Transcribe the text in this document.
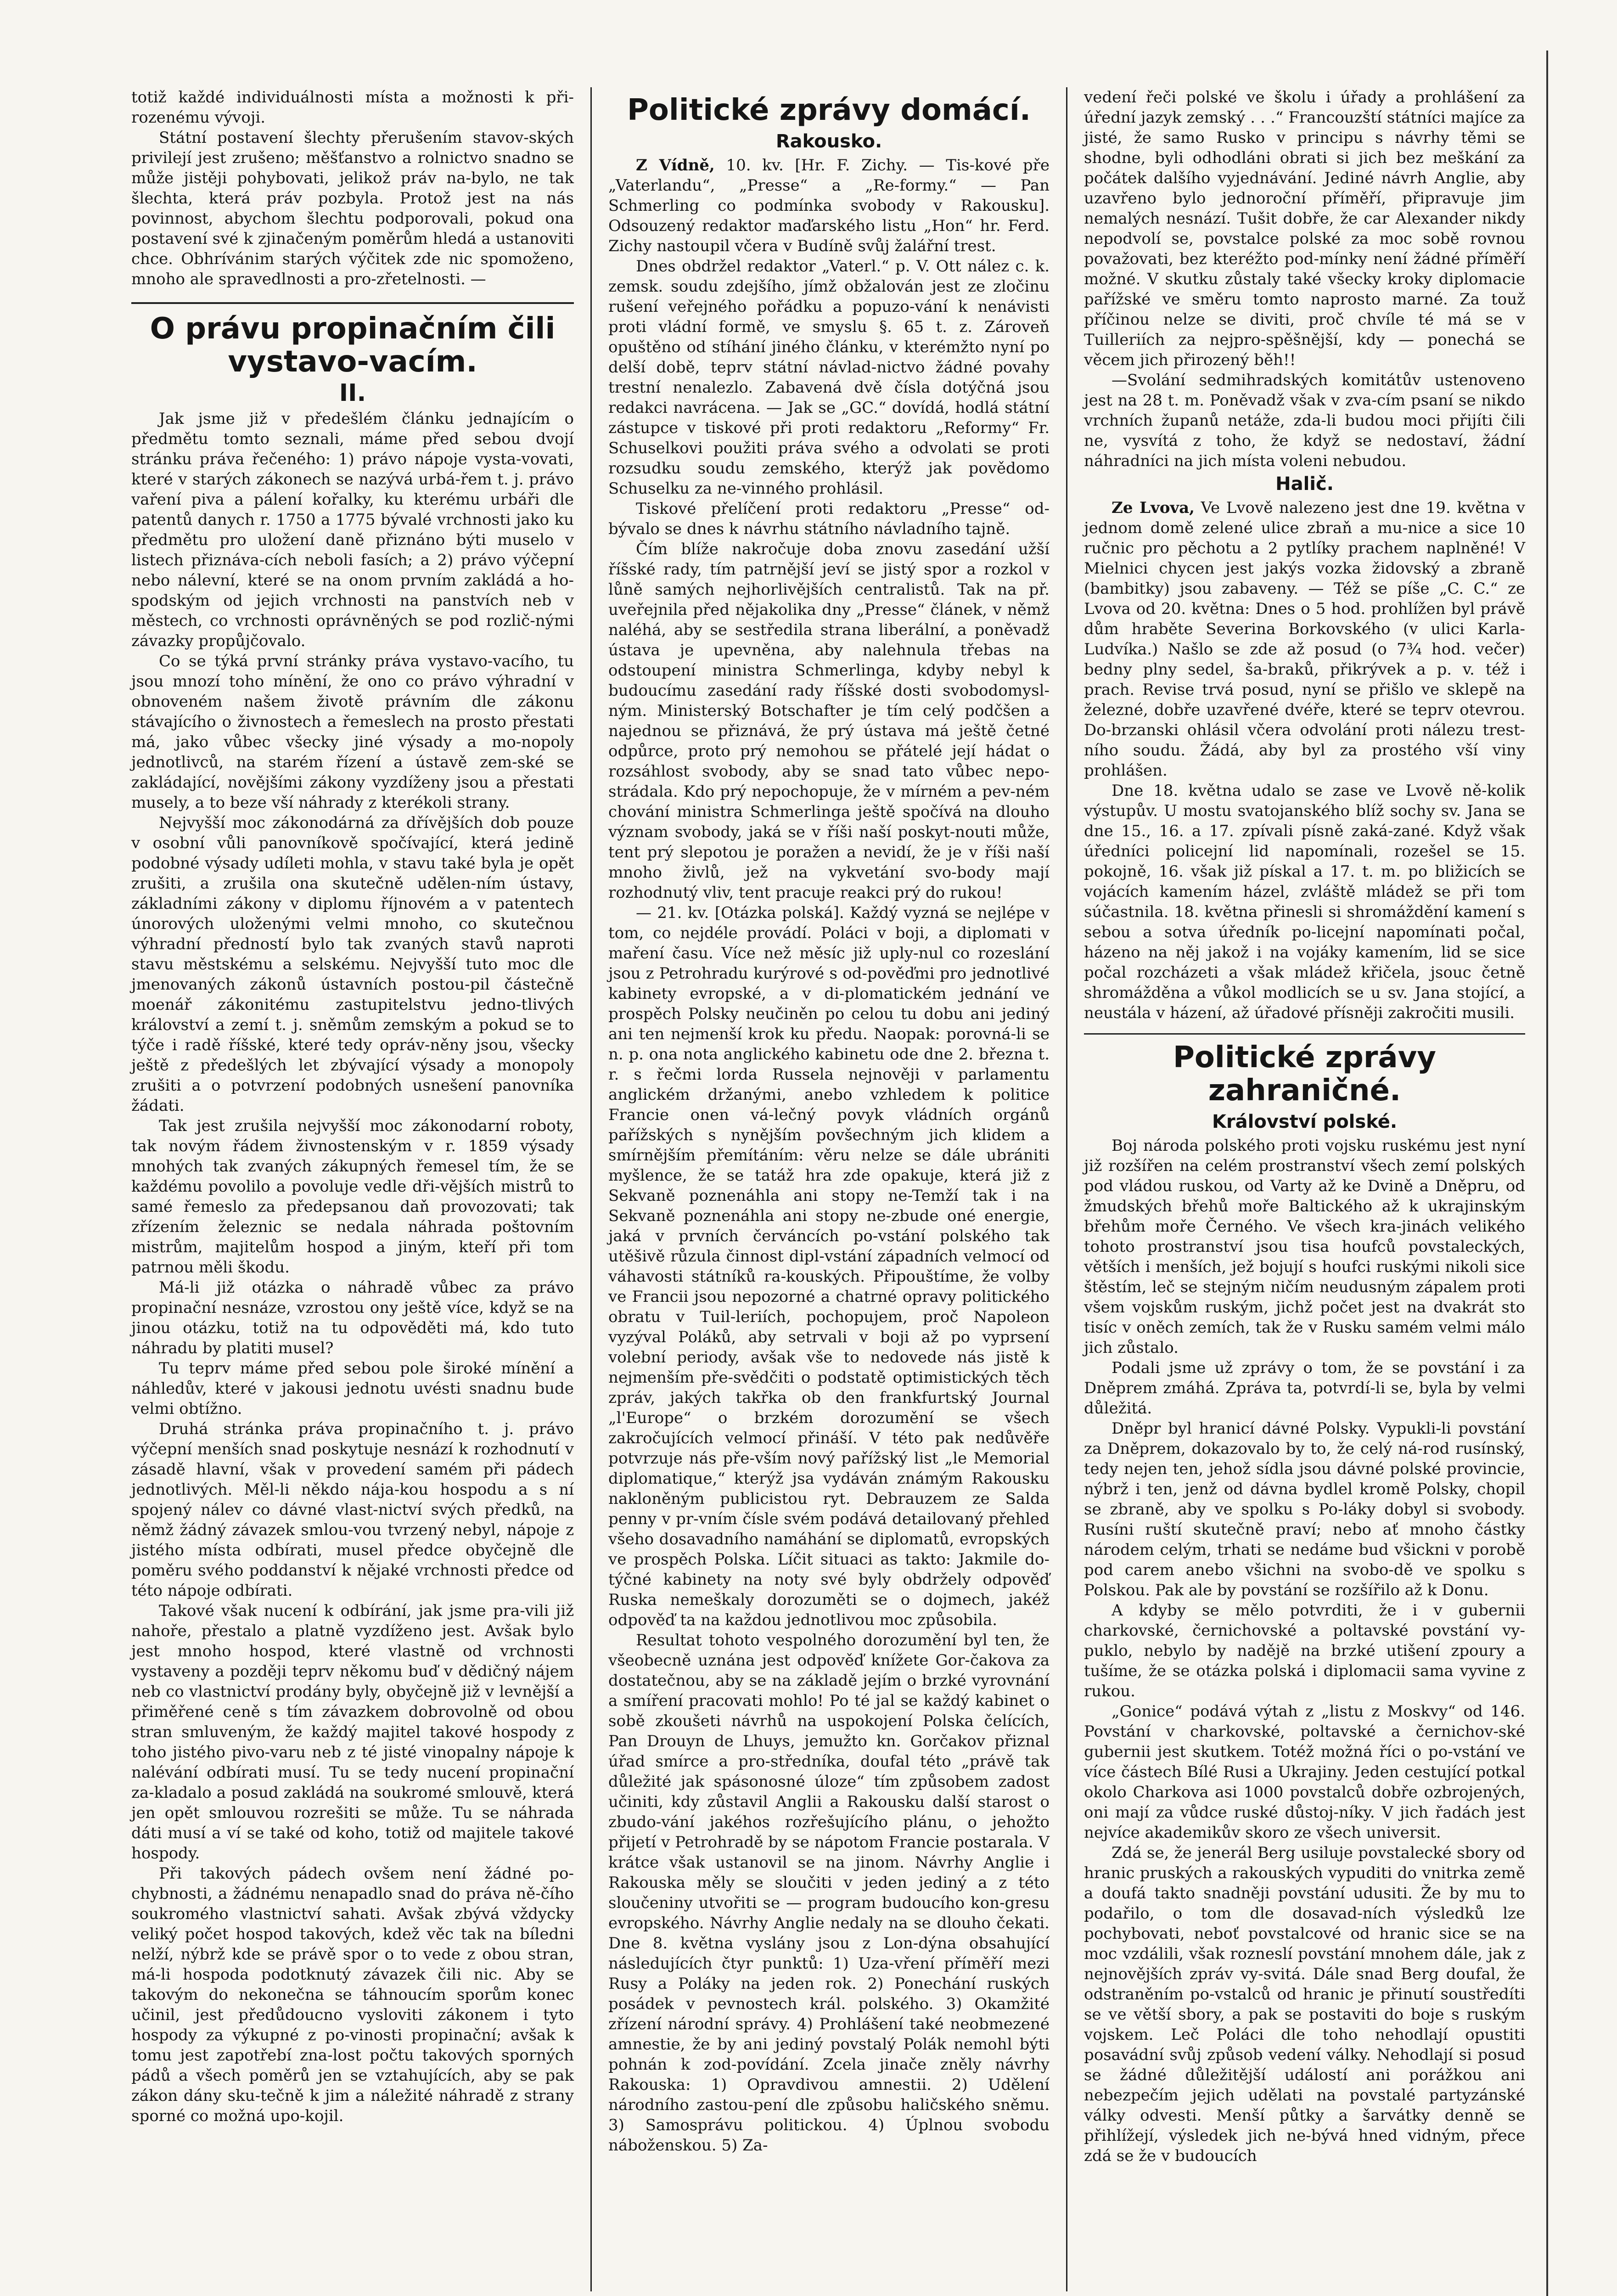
totiž každé individuálnosti místa a možnosti k při-rozenému vývoji.

Státní postavení šlechty přerušením stavov-ských privilejí jest zrušeno; měšťanstvo a rolnictvo snadno se může jistěji pohybovati, jelikož práv na-bylo, ne tak šlechta, která práv pozbyla. Protož jest na nás povinnost, abychom šlechtu podporovali, pokud ona postavení své k zjinačeným poměrům hledá a ustanoviti chce. Obhrívánim starých výčitek zde nic spomoženo, mnoho ale spravedlnosti a pro-zřetelnosti. —

O právu propinačním čili vystavo-vacím.
II.

Jak jsme již v předešlém článku jednajícím o předmětu tomto seznali, máme před sebou dvojí stránku práva řečeného: 1) právo nápoje vysta-vovati, které v starých zákonech se nazývá urbá-řem t. j. právo vaření piva a pálení kořalky, ku kterému urbáři dle patentů danych r. 1750 a 1775 bývalé vrchnosti jako ku předmětu pro uložení daně přiznáno býti muselo v listech přiznáva-cích neboli fasích; a 2) právo výčepní nebo nálevní, které se na onom prvním zakládá a ho-spodským od jejich vrchnosti na panstvích neb v městech, co vrchnosti oprávněných se pod rozlič-nými závazky propůjčovalo.

Co se týká první stránky práva vystavo-vacího, tu jsou mnozí toho mínění, že ono co právo výhradní v obnoveném našem životě právním dle zákonu stávajícího o živnostech a řemeslech na prosto přestati má, jako vůbec všecky jiné výsady a mo-nopoly jednotlivců, na starém řízení a ústavě zem-ské se zakládající, novějšími zákony vyzdíženy jsou a přestati musely, a to beze vší náhrady z kterékoli strany.

Nejvyšší moc zákonodárná za dřívějších dob pouze v osobní vůli panovníkově spočívající, která jedině podobné výsady udíleti mohla, v stavu také byla je opět zrušiti, a zrušila ona skutečně udělen-ním ústavy, základními zákony v diplomu říjnovém a v patentech únorových uloženými velmi mnoho, co skutečnou výhradní předností bylo tak zvaných stavů naproti stavu městskému a selskému. Nejvyšší tuto moc dle jmenovaných zákonů ústavních postou-pil částečně moenář zákonitému zastupitelstvu jedno-tlivých království a zemí t. j. sněmům zemským a pokud se to týče i radě říšské, které tedy opráv-něny jsou, všecky ještě z předešlých let zbývající výsady a monopoly zrušiti a o potvrzení podobných usnešení panovníka žádati.

Tak jest zrušila nejvyšší moc zákonodarní roboty, tak novým řádem živnostenským v r. 1859 výsady mnohých tak zvaných zákupných řemesel tím, že se každému povolilo a povoluje vedle dři-vějších mistrů to samé řemeslo za předepsanou daň provozovati; tak zřízením železnic se nedala náhrada poštovním mistrům, majitelům hospod a jiným, kteří při tom patrnou měli škodu.

Má-li již otázka o náhradě vůbec za právo propinační nesnáze, vzrostou ony ještě více, když se na jinou otázku, totiž na tu odpověděti má, kdo tuto náhradu by platiti musel?

Tu teprv máme před sebou pole široké mínění a náhledův, které v jakousi jednotu uvésti snadnu bude velmi obtížno.

Druhá stránka práva propinačního t. j. právo výčepní menších snad poskytuje nesnází k rozhodnutí v zásadě hlavní, však v provedení samém při pádech jednotlivých. Měl-li někdo nája-kou hospodu a s ní spojený nálev co dávné vlast-nictví svých předků, na němž žádný závazek smlou-vou tvrzený nebyl, nápoje z jistého místa odbírati, musel předce obyčejně dle poměru svého poddanství k nějaké vrchnosti předce od této nápoje odbírati.

Takové však nucení k odbírání, jak jsme pra-vili již nahoře, přestalo a platně vyzdíženo jest. Avšak bylo jest mnoho hospod, které vlastně od vrchnosti vystaveny a později teprv někomu buď v dědičný nájem neb co vlastnictví prodány byly, obyčejně již v levnější a přiměřené ceně s tím závazkem dobrovolně od obou stran smluveným, že každý majitel takové hospody z toho jistého pivo-varu neb z té jisté vinopalny nápoje k nalévání odbírati musí. Tu se tedy nucení propinační za-kladalo a posud zakládá na soukromé smlouvě, která jen opět smlouvou rozrešiti se může. Tu se náhrada dáti musí a ví se také od koho, totiž od majitele takové hospody.

Při takových pádech ovšem není žádné po-chybnosti, a žádnému nenapadlo snad do práva ně-čího soukromého vlastnictví sahati. Avšak zbývá vždycky veliký počet hospod takových, kdež věc tak na bíledni nelží, nýbrž kde se právě spor o to vede z obou stran, má-li hospoda podotknutý závazek čili nic. Aby se takovým do nekonečna se táhnoucím sporům konec učinil, jest předůdoucno vysloviti zákonem i tyto hospody za výkupné z po-vinosti propinační; avšak k tomu jest zapotřebí zna-lost počtu takových sporných pádů a všech poměrů jen se vztahujících, aby se pak zákon dány sku-tečně k jim a náležité náhradě z strany sporné co možná upo-kojil.

Politické zprávy domácí.
Rakousko.

Z Vídně, 10. kv. [Hr. F. Zichy. — Tis-kové pře „Vaterlandu“, „Presse“ a „Re-formy.“ — Pan Schmerling co podmínka svobody v Rakousku]. Odsouzený redaktor maďarského listu „Hon“ hr. Ferd. Zichy nastoupil včera v Budíně svůj žalářní trest.

Dnes obdržel redaktor „Vaterl.“ p. V. Ott nález c. k. zemsk. soudu zdejšího, jímž obžalován jest ze zločinu rušení veřejného pořádku a popuzo-vání k nenávisti proti vládní formě, ve smyslu §. 65 t. z. Zároveň opuštěno od stíhání jiného článku, v kterémžto nyní po delší době, teprv státní návlad-nictvo žádné povahy trestní nenalezlo. Zabavená dvě čísla dotýčná jsou redakci navrácena. — Jak se „GC.“ dovídá, hodlá státní zástupce v tiskové při proti redaktoru „Reformy“ Fr. Schuselkovi použiti práva svého a odvolati se proti rozsudku soudu zemského, kterýž jak povědomo Schuselku za ne-vinného prohlásil.

Tiskové přelíčení proti redaktoru „Presse“ od-bývalo se dnes k návrhu státního návladního tajně.

Čím blíže nakročuje doba znovu zasedání užší říšské rady, tím patrnější jeví se jistý spor a rozkol v lůně samých nejhorlivějších centralistů. Tak na př. uveřejnila před nějakolika dny „Presse“ článek, v němž naléhá, aby se sestředila strana liberální, a poněvadž ústava je upevněna, aby nalehnula třebas na odstoupení ministra Schmerlinga, kdyby nebyl k budoucímu zasedání rady říšské dosti svobodomysl-ným. Ministerský Botschafter je tím celý podčšen a najednou se přiznává, že prý ústava má ještě četné odpůrce, proto prý nemohou se přátelé její hádat o rozsáhlost svobody, aby se snad tato vůbec nepo-strádala. Kdo prý nepochopuje, že v mírném a pev-ném chování ministra Schmerlinga ještě spočívá na dlouho význam svobody, jaká se v říši naší poskyt-nouti může, tent prý slepotou je poražen a nevidí, že je v říši naší mnoho živlů, jež na vykvetání svo-body mají rozhodnutý vliv, tent pracuje reakci prý do rukou!

— 21. kv. [Otázka polská]. Každý vyzná se nejlépe v tom, co nejdéle provádí. Poláci v boji, a diplomati v maření času. Více než měsíc již uply-nul co rozeslání jsou z Petrohradu kurýrové s od-pověďmi pro jednotlivé kabinety evropské, a v di-plomatickém jednání ve prospěch Polsky neučiněn po celou tu dobu ani jediný ani ten nejmenší krok ku předu. Naopak: porovná-li se n. p. ona nota anglického kabinetu ode dne 2. března t. r. s řečmi lorda Russela nejnověji v parlamentu anglickém držanými, anebo vzhledem k politice Francie onen vá-lečný povyk vládních orgánů pařížských s nynějším povšechným jich klidem a smírnějším přemítáním: věru nelze se dále ubrániti myšlence, že se tatáž hra zde opakuje, která již z Sekvaně poznenáhla ani stopy ne-Temží tak i na Sekvaně poznenáhla ani stopy ne-zbude oné energie, jaká v prvních červáncích po-vstání polského tak utěšivě růzula činnost dipl-vstání západních velmocí od váhavosti státníků ra-kouských. Připouštíme, že volby ve Francii jsou nepozorné a chatrné opravy politického obratu v Tuil-leriích, pochopujem, proč Napoleon vyzýval Poláků, aby setrvali v boji až po vyprsení volební periody, avšak vše to nedovede nás jistě k nejmenším pře-svědčiti o podstatě optimistických těch zpráv, jakých takřka ob den frankfurtský Journal „l'Europe“ o brzkém dorozumění se všech zakročujících velmocí přináší. V této pak nedůvěře potvrzuje nás pře-vším nový pařížský list „le Memorial diplomatique,“ kterýž jsa vydáván známým Rakousku nakloněným publicistou ryt. Debrauzem ze Salda penny v pr-vním čísle svém podává detailovaný přehled všeho dosavadního namáhání se diplomatů, evropských ve prospěch Polska. Líčit situaci as takto: Jakmile do-týčné kabinety na noty své byly obdržely odpověď Ruska nemeškaly dorozuměti se o dojmech, jakéž odpověď ta na každou jednotlivou moc způsobila.

Resultat tohoto vespolného dorozumění byl ten, že všeobecně uznána jest odpověď knížete Gor-čakova za dostatečnou, aby se na základě jejím o brzké vyrovnání a smíření pracovati mohlo! Po té jal se každý kabinet o sobě zkoušeti návrhů na uspokojení Polska čelících, Pan Drouyn de Lhuys, jemužto kn. Gorčakov přiznal úřad smírce a pro-středníka, doufal této „právě tak důležité jak spásonosné úloze“ tím způsobem zadost učiniti, kdy zůstavil Anglii a Rakousku další starost o zbudo-vání jakéhos rozřešujícího plánu, o jehožto přijetí v Petrohradě by se nápotom Francie postarala. V krátce však ustanovil se na jinom. Návrhy Anglie i Rakouska měly se sloučiti v jeden jediný a z této sloučeniny utvořiti se — program budoucího kon-gresu evropského. Návrhy Anglie nedaly na se dlouho čekati. Dne 8. května vyslány jsou z Lon-dýna obsahující následujících čtyr punktů: 1) Uza-vření příměří mezi Rusy a Poláky na jeden rok. 2) Ponechání ruských posádek v pevnostech král. polského. 3) Okamžité zřízení národní správy. 4) Prohlášení také neobmezené amnestie, že by ani jediný povstalý Polák nemohl býti pohnán k zod-povídání. Zcela jinače zněly návrhy Rakouska: 1) Opravdivou amnestii. 2) Udělení národního zastou-pení dle způsobu haličského sněmu. 3) Samosprávu politickou. 4) Úplnou svobodu náboženskou. 5) Za-

vedení řeči polské ve školu i úřady a prohlášení za úřední jazyk zemský . . .“ Francouzští státníci majíce za jisté, že samo Rusko v principu s návrhy těmi se shodne, byli odhodláni obrati si jich bez meškání za počátek dalšího vyjednávání. Jediné návrh Anglie, aby uzavřeno bylo jednoroční příměří, připravuje jim nemalých nesnází. Tušit dobře, že car Alexander nikdy nepodvolí se, povstalce polské za moc sobě rovnou považovati, bez kteréžto pod-mínky není žádné příměří možné. V skutku zůstaly také všecky kroky diplomacie pařížské ve směru tomto naprosto marné. Za touž příčinou nelze se diviti, proč chvíle té má se v Tuilleriích za nejpro-spěšnější, kdy — ponechá se věcem jich přirozený běh!!

—Svolání sedmihradských komitátův ustenoveno jest na 28 t. m. Poněvadž však v zva-cím psaní se nikdo vrchních županů netáže, zda-li budou moci přijíti čili ne, vysvítá z toho, že když se nedostaví, žádní náhradníci na jich místa voleni nebudou.

Halič.

Ze Lvova, Ve Lvově nalezeno jest dne 19. května v jednom domě zelené ulice zbraň a mu-nice a sice 10 ručnic pro pěchotu a 2 pytlíky prachem naplněné! V Mielnici chycen jest jakýs vozka židovský a zbraně (bambitky) jsou zabaveny. — Též se píše „C. C.“ ze Lvova od 20. května: Dnes o 5 hod. prohlížen byl právě dům hraběte Severina Borkovského (v ulici Karla-Ludvíka.) Našlo se zde až posud (o 7¾ hod. večer) bedny plny sedel, ša-braků, přikrývek a p. v. též i prach. Revise trvá posud, nyní se přišlo ve sklepě na železné, dobře uzavřené dvéře, které se teprv otevrou. Do-brzanski ohlásil včera odvolání proti nálezu trest-ního soudu. Žádá, aby byl za prostého vší viny prohlášen.

Dne 18. května udalo se zase ve Lvově ně-kolik výstupův. U mostu svatojanského blíž sochy sv. Jana se dne 15., 16. a 17. zpívali písně zaká-zané. Když však úředníci policejní lid napomínali, rozešel se 15. pokojně, 16. však již pískal a 17. t. m. po bližicích se vojácích kamením házel, zvláště mládež se při tom súčastnila. 18. května přinesli si shromáždění kamení s sebou a sotva úředník po-licejní napomínati počal, házeno na něj jakož i na vojáky kamením, lid se sice počal rozcházeti a však mládež křičela, jsouc četně shromážděna a vůkol modlicích se u sv. Jana stojící, a neustála v házení, až úřadové přísněji zakročiti musili.

Politické zprávy zahraničné.
Království polské.

Boj národa polského proti vojsku ruskému jest nyní již rozšířen na celém prostranství všech zemí polských pod vládou ruskou, od Varty až ke Dvině a Dněpru, od žmudských břehů moře Baltického až k ukrajinským břehům moře Černého. Ve všech kra-jinách velikého tohoto prostranství jsou tisa houfců povstaleckých, větších i menších, jež bojují s houfci ruskými nikoli sice štěstím, leč se stejným ničím neudusným zápalem proti všem vojskům ruským, jichž počet jest na dvakrát sto tisíc v oněch zemích, tak že v Rusku samém velmi málo jich zůstalo.

Podali jsme už zprávy o tom, že se povstání i za Dněprem zmáhá. Zpráva ta, potvrdí-li se, byla by velmi důležitá.

Dněpr byl hranicí dávné Polsky. Vypukli-li povstání za Dněprem, dokazovalo by to, že celý ná-rod rusínský, tedy nejen ten, jehož sídla jsou dávné polské provincie, nýbrž i ten, jenž od dávna bydlel kromě Polsky, chopil se zbraně, aby ve spolku s Po-láky dobyl si svobody. Rusíni ruští skutečně praví; nebo ať mnoho částky národem celým, trhati se nedáme bud všickni v porobě pod carem anebo všichni na svobo-dě ve spolku s Polskou. Pak ale by povstání se rozšířilo až k Donu.

A kdyby se mělo potvrditi, že i v gubernii charkovské, černichovské a poltavské povstání vy-puklo, nebylo by nadějě na brzké utišení zpoury a tušíme, že se otázka polská i diplomacii sama vyvine z rukou.

„Gonice“ podává výtah z „listu z Moskvy“ od 146. Povstání v charkovské, poltavské a černichov-ské gubernii jest skutkem. Totéž možná říci o po-vstání ve více částech Bílé Rusi a Ukrajiny. Jeden cestující potkal okolo Charkova asi 1000 povstalců dobře ozbrojených, oni mají za vůdce ruské důstoj-níky. V jich řadách jest nejvíce akademikův skoro ze všech universit.

Zdá se, že jenerál Berg usiluje povstalecké sbory od hranic pruských a rakouských vypuditi do vnitrka země a doufá takto snadněji povstání udusiti. Že by mu to podařilo, o tom dle dosavad-ních výsledků lze pochybovati, neboť povstalcové od hranic sice se na moc vzdálili, však rozneslí povstání mnohem dále, jak z nejnovějších zpráv vy-svitá. Dále snad Berg doufal, že odstraněním po-vstalců od hranic je přinutí soustředíti se ve větší sbory, a pak se postaviti do boje s ruským vojskem. Leč Poláci dle toho nehodlají opustiti posavádní svůj způsob vedení války. Nehodlají si posud se žádné důležitější událostí ani porážkou ani nebezpečím jejich udělati na povstalé partyzánské války odvesti. Menší půtky a šarvátky denně se přihlížejí, výsledek jich ne-bývá hned vidným, přece zdá se že v budoucích
